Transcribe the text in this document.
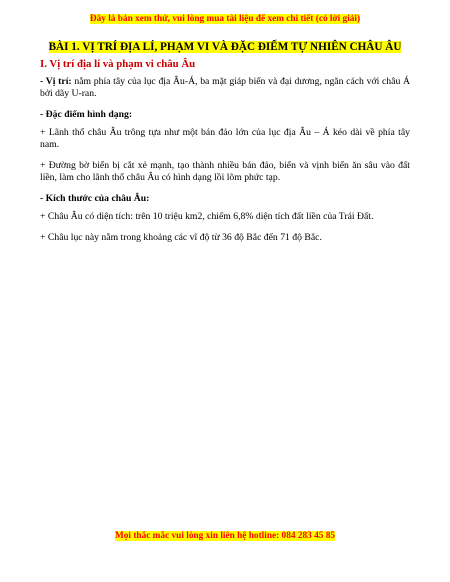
Đây là bản xem thử, vui lòng mua tài liệu để xem chi tiết (có lời giải)
BÀI 1. VỊ TRÍ ĐỊA LÍ, PHẠM VI VÀ ĐẶC ĐIỂM TỰ NHIÊN CHÂU ÂU
I. Vị trí địa lí và phạm vi châu Âu
- Vị trí: nằm phía tây của lục địa Âu-Á, ba mặt giáp biển và đại dương, ngăn cách với châu Á bởi dãy U-ran.
- Đặc điểm hình dạng:
+ Lãnh thổ châu Âu trông tựa như một bán đảo lớn của lục địa Âu – Á kéo dài về phía tây nam.
+ Đường bờ biển bị cắt xẻ mạnh, tạo thành nhiều bán đảo, biển và vịnh biển ăn sâu vào đất liền, làm cho lãnh thổ châu Âu có hình dạng lồi lõm phức tạp.
- Kích thước của châu Âu:
+ Châu Âu có diện tích: trên 10 triệu km2, chiếm 6,8% diện tích đất liền của Trái Đất.
+ Châu lục này nằm trong khoảng các vĩ độ từ 36 độ Bắc đến 71 độ Bắc.
Mọi thắc mắc vui lòng xin liên hệ hotline: 084 283 45 85
